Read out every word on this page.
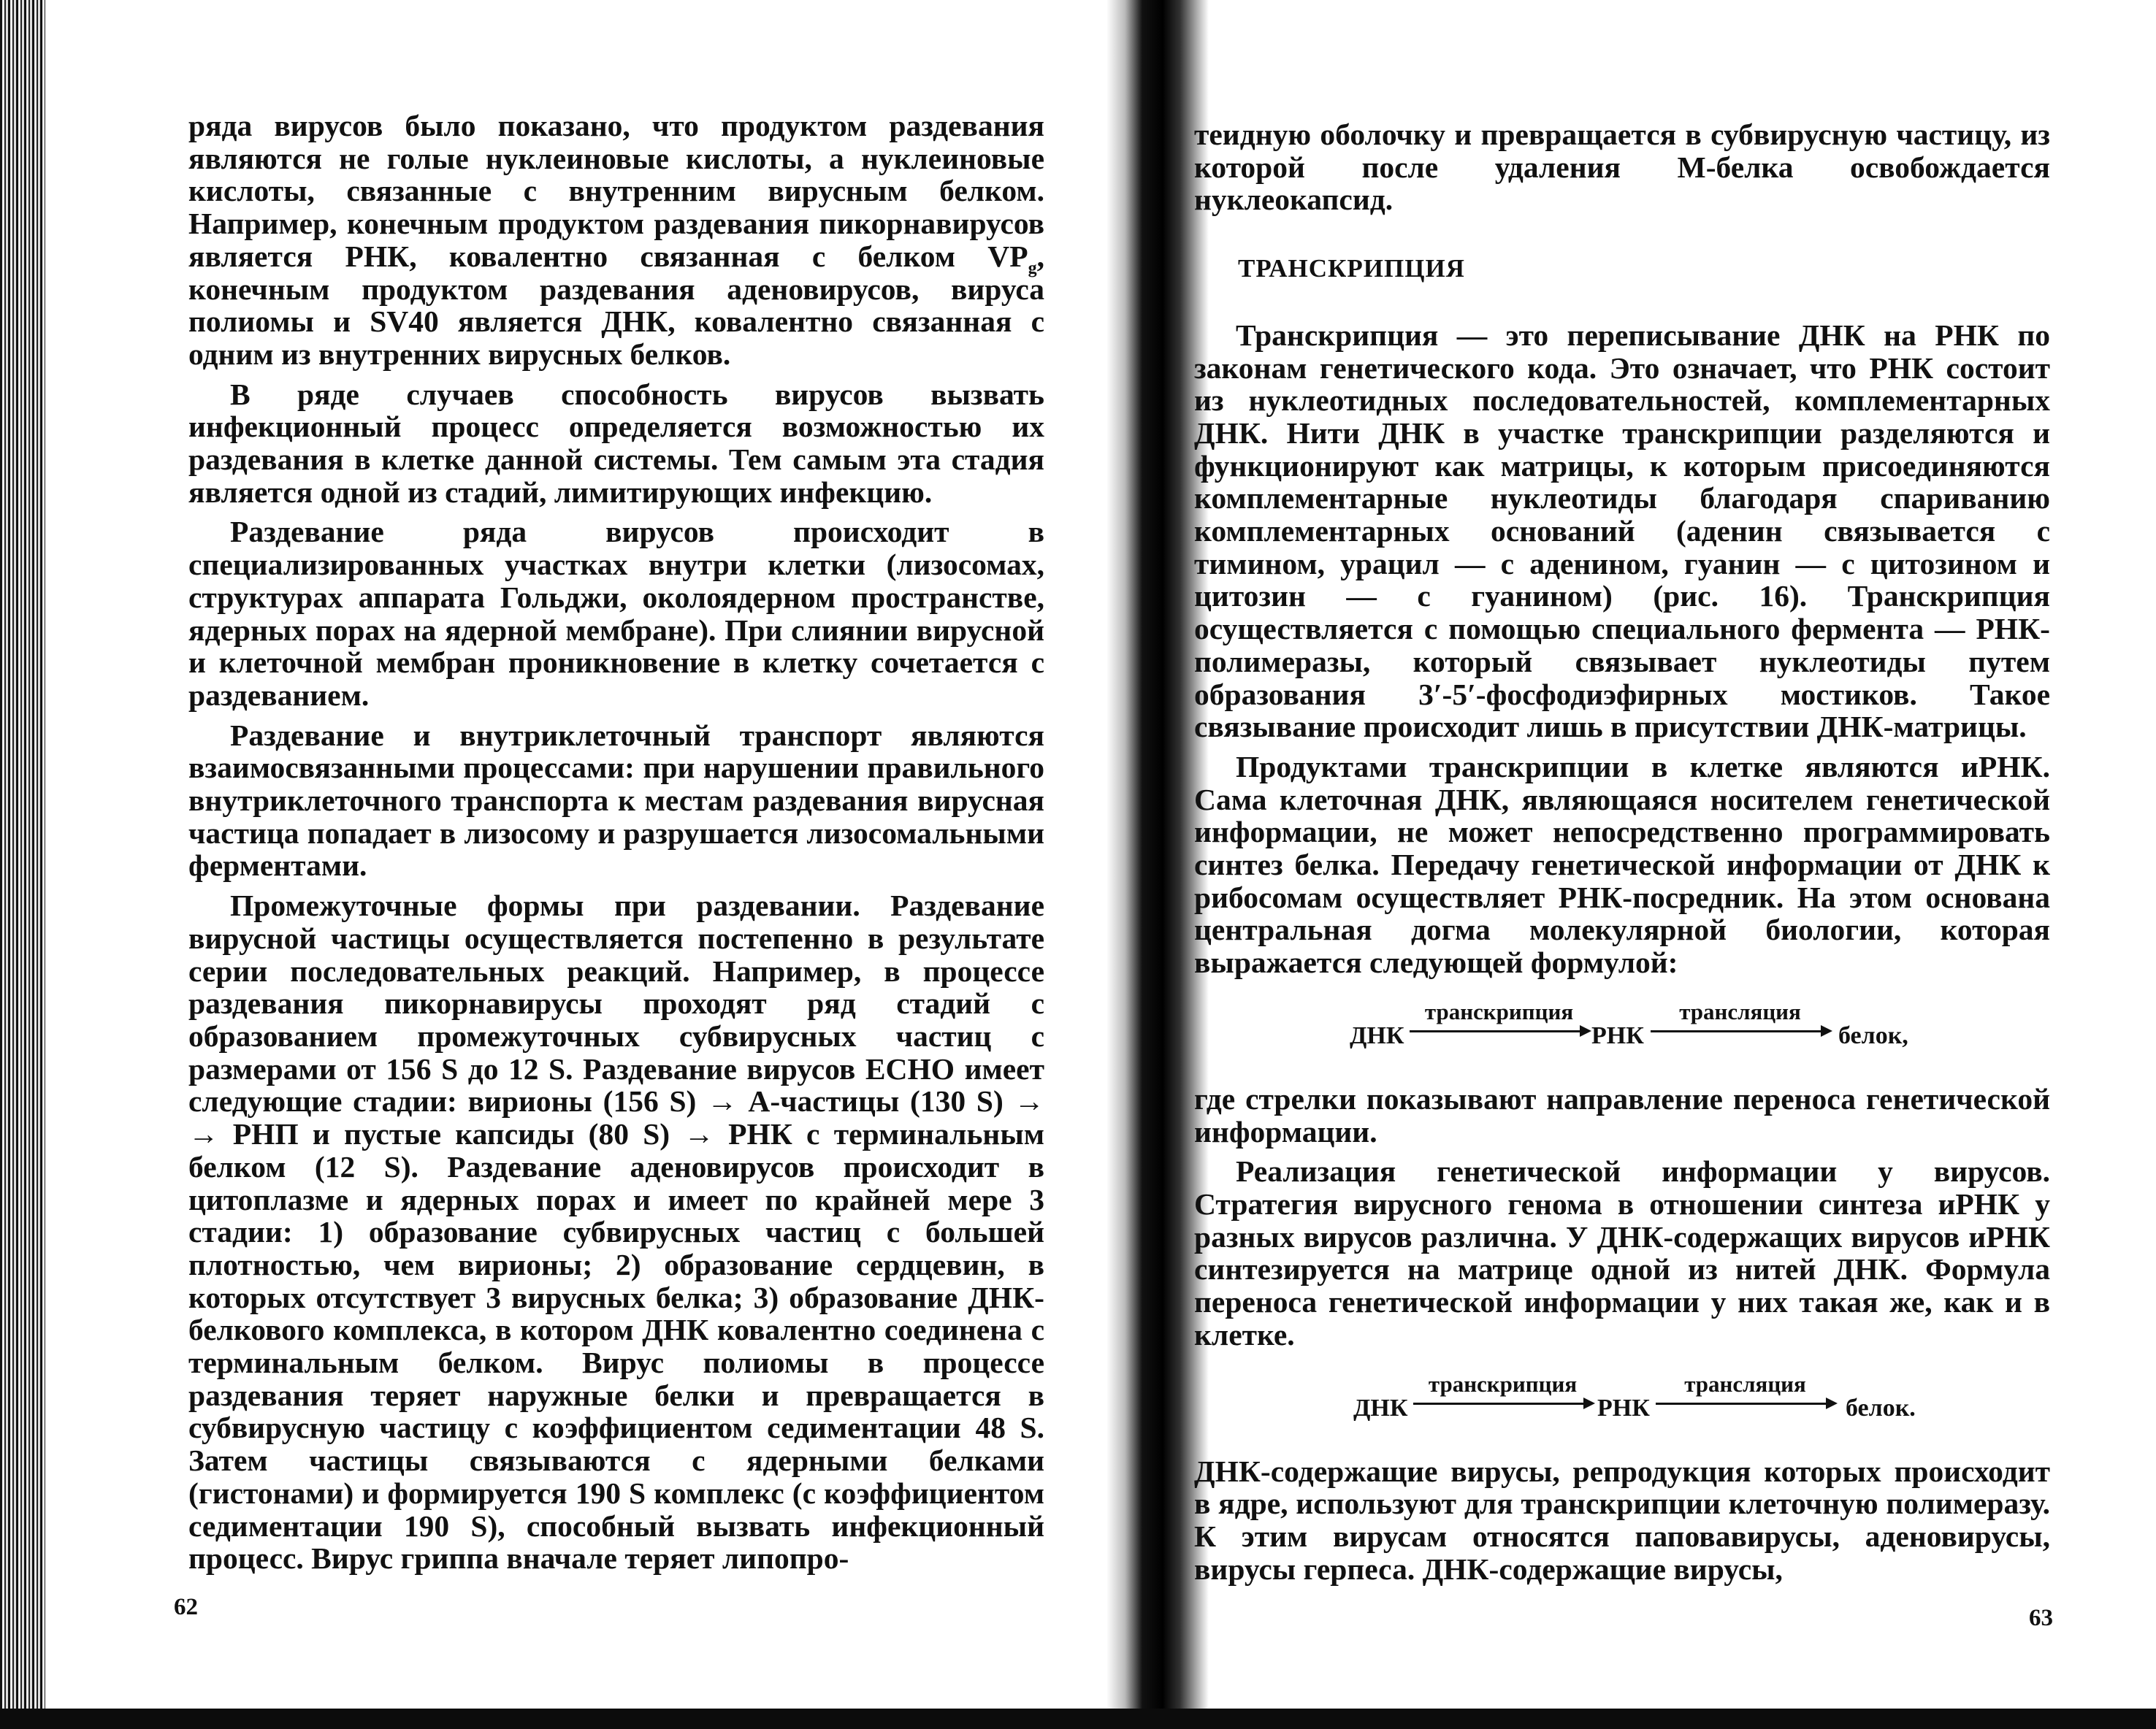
ряда вирусов было показано, что продуктом раздевания являются не голые нуклеиновые кислоты, а нуклеиновые кислоты, связанные с внутренним вирусным белком. Например, конечным продуктом раздевания пикорнавирусов является РНК, ковалентно связанная с белком $VP_g$, конечным продуктом раздевания аденовирусов, вируса полиомы и SV40 является ДНК, ковалентно связанная с одним из внутренних вирусных белков.

В ряде случаев способность вирусов вызвать инфекционный процесс определяется возможностью их раздевания в клетке данной системы. Тем самым эта стадия является одной из стадий, лимитирующих инфекцию.

Раздевание ряда вирусов происходит в специализированных участках внутри клетки (лизосомах, структурах аппарата Гольджи, околоядерном пространстве, ядерных порах на ядерной мембране). При слиянии вирусной и клеточной мембран проникновение в клетку сочетается с раздеванием.

Раздевание и внутриклеточный транспорт являются взаимосвязанными процессами: при нарушении правильного внутриклеточного транспорта к местам раздевания вирусная частица попадает в лизосому и разрушается лизосомальными ферментами.

Промежуточные формы при раздевании. Раздевание вирусной частицы осуществляется постепенно в результате серии последовательных реакций. Например, в процессе раздевания пикорнавирусы проходят ряд стадий с образованием промежуточных субвирусных частиц с размерами от 156 S до 12 S. Раздевание вирусов ECHO имеет следующие стадии: вирионы (156 S) → А-частицы (130 S) → → РНП и пустые капсиды (80 S) → РНК с терминальным белком (12 S). Раздевание аденовирусов происходит в цитоплазме и ядерных порах и имеет по крайней мере 3 стадии: 1) образование субвирусных частиц с большей плотностью, чем вирионы; 2) образование сердцевин, в которых отсутствует 3 вирусных белка; 3) образование ДНК-белкового комплекса, в котором ДНК ковалентно соединена с терминальным белком. Вирус полиомы в процессе раздевания теряет наружные белки и превращается в субвирусную частицу с коэффициентом седиментации 48 S. Затем частицы связываются с ядерными белками (гистонами) и формируется 190 S комплекс (с коэффициентом седиментации 190 S), способный вызвать инфекционный процесс. Вирус гриппа вначале теряет липопро-

62

теидную оболочку и превращается в субвирусную частицу, из которой после удаления М-белка освобождается нуклеокапсид.

ТРАНСКРИПЦИЯ

Транскрипция — это переписывание ДНК на РНК по законам генетического кода. Это означает, что РНК состоит из нуклеотидных последовательностей, комплементарных ДНК. Нити ДНК в участке транскрипции разделяются и функционируют как матрицы, к которым присоединяются комплементарные нуклеотиды благодаря спариванию комплементарных оснований (аденин связывается с тимином, урацил — с аденином, гуанин — с цитозином и цитозин — с гуанином) (рис. 16). Транскрипция осуществляется с помощью специального фермента — РНК-полимеразы, который связывает нуклеотиды путем образования 3′-5′-фосфодиэфирных мостиков. Такое связывание происходит лишь в присутствии ДНК-матрицы.

Продуктами транскрипции в клетке являются иРНК. Сама клеточная ДНК, являющаяся носителем генетической информации, не может непосредственно программировать синтез белка. Передачу генетической информации от ДНК к рибосомам осуществляет РНК-посредник. На этом основана центральная догма молекулярной биологии, которая выражается следующей формулой:

ДНК
транскрипция
РНК
трансляция
белок,

где стрелки показывают направление переноса генетической информации.

Реализация генетической информации у вирусов. Стратегия вирусного генома в отношении синтеза иРНК у разных вирусов различна. У ДНК-содержащих вирусов иРНК синтезируется на матрице одной из нитей ДНК. Формула переноса генетической информации у них такая же, как и в клетке.

ДНК
транскрипция
РНК
трансляция
белок.

ДНК-содержащие вирусы, репродукция которых происходит в ядре, используют для транскрипции клеточную полимеразу. К этим вирусам относятся паповавирусы, аденовирусы, вирусы герпеса. ДНК-содержащие вирусы,

63
